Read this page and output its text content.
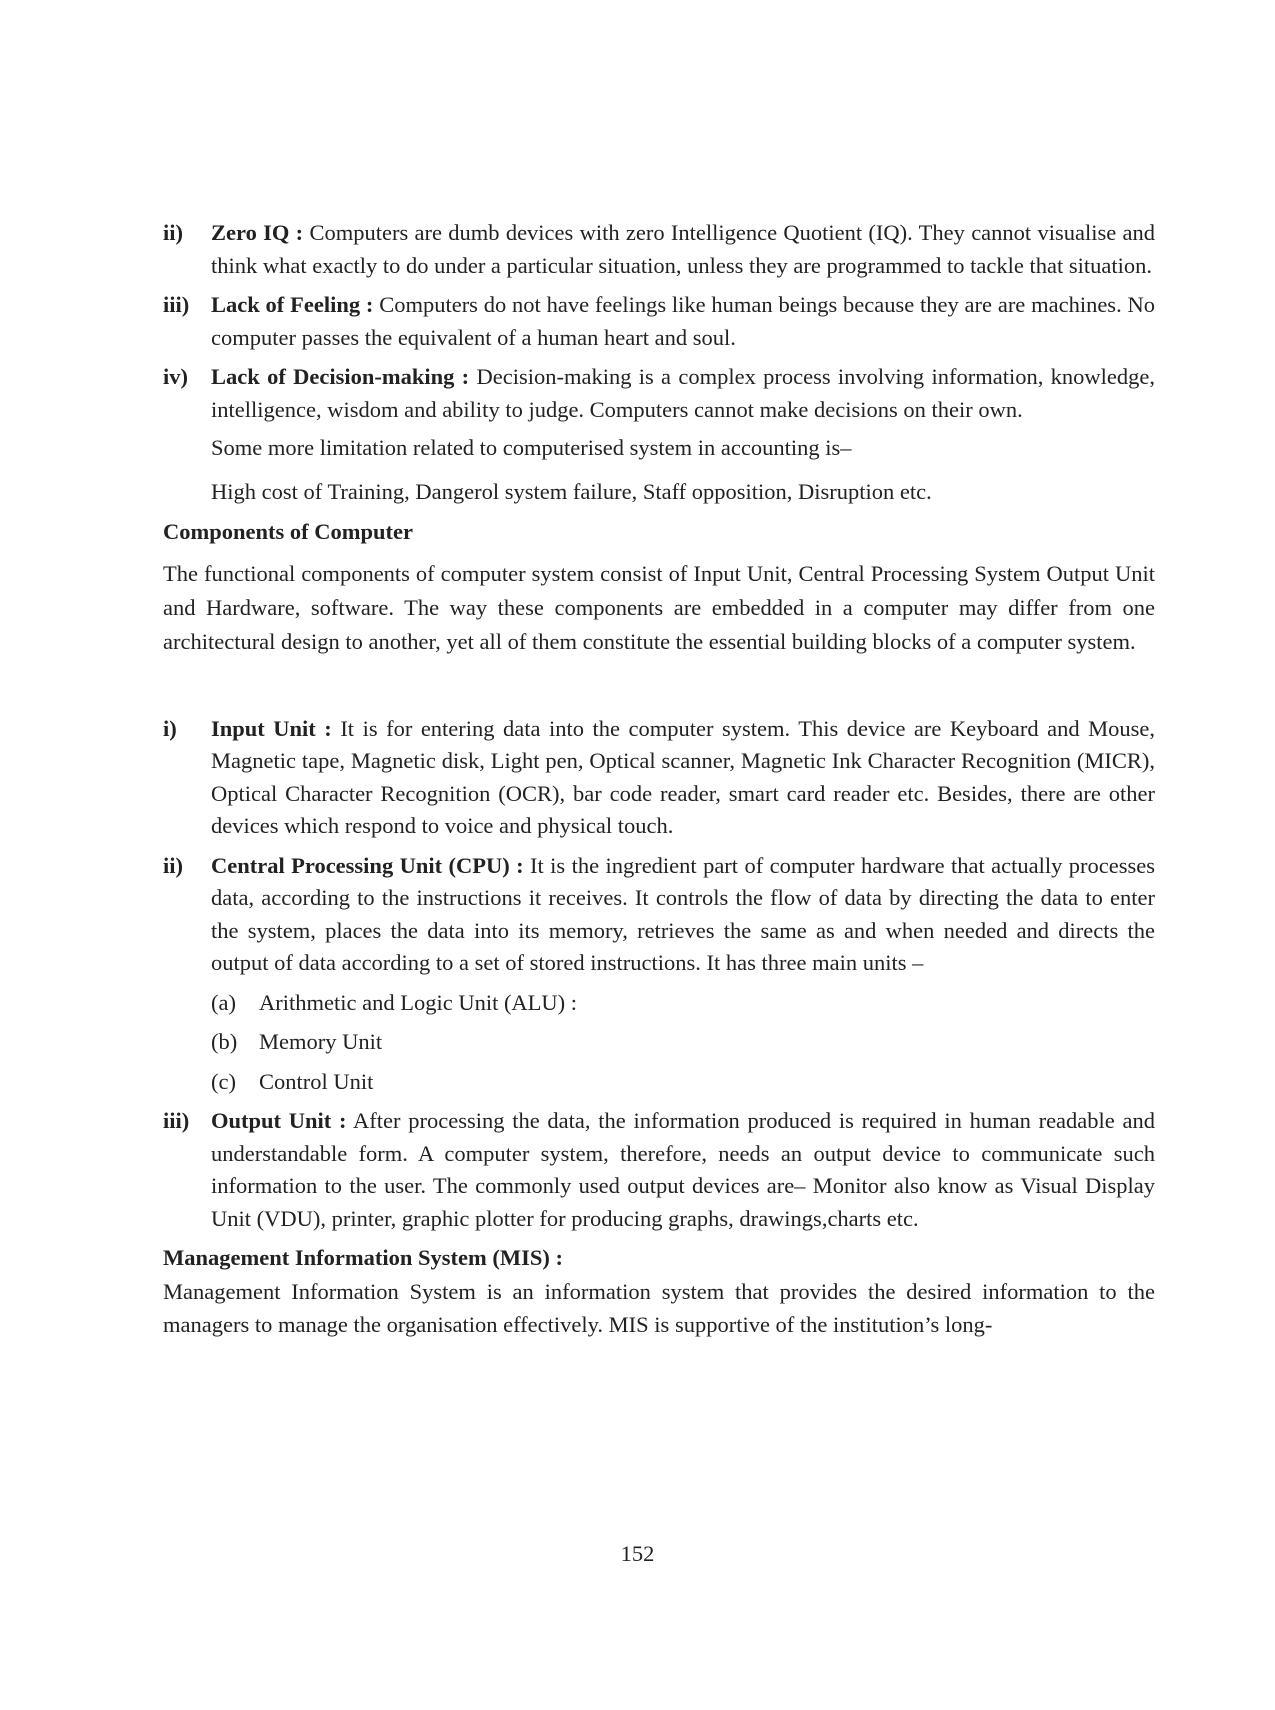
ii)	Zero IQ : Computers are dumb devices with zero Intelligence Quotient (IQ). They cannot visualise and think what exactly to do under a particular situation, unless they are programmed to tackle that situation.
iii) Lack of Feeling : Computers do not have feelings like human beings because they are are machines. No computer passes the equivalent of a human heart and soul.
iv)	Lack of Decision-making : Decision-making is a complex process involving information, knowledge, intelligence, wisdom and ability to judge. Computers cannot make decisions on their own.
Some more limitation related to computerised system in accounting is–
High cost of Training, Dangerol system failure, Staff opposition, Disruption etc.
Components of Computer
The functional components of computer system consist of Input Unit, Central Processing System Output Unit and Hardware, software. The way these components are embedded in a computer may differ from one architectural design to another, yet all of them constitute the essential building blocks of a computer system.
i)	Input Unit : It is for entering data into the computer system. This device are Keyboard and Mouse, Magnetic tape, Magnetic disk, Light pen, Optical scanner, Magnetic Ink Character Recognition (MICR), Optical Character Recognition (OCR), bar code reader, smart card reader etc. Besides, there are other devices which respond to voice and physical touch.
ii)	Central Processing Unit (CPU) : It is the ingredient part of computer hardware that actually processes data, according to the instructions it receives. It controls the flow of data by directing the data to enter the system, places the data into its memory, retrieves the same as and when needed and directs the output of data according to a set of stored instructions. It has three main units –
(a)	Arithmetic and Logic Unit (ALU) :
(b) Memory Unit
(c)	Control Unit
iii) Output Unit : After processing the data, the information produced is required in human readable and understandable form. A computer system, therefore, needs an output device to communicate such information to the user. The commonly used output devices are– Monitor also know as Visual Display Unit (VDU), printer, graphic plotter for producing graphs, drawings,charts etc.
Management Information System (MIS) :
Management Information System is an information system that provides the desired information to the managers to manage the organisation effectively. MIS is supportive of the institution’s long-
152
